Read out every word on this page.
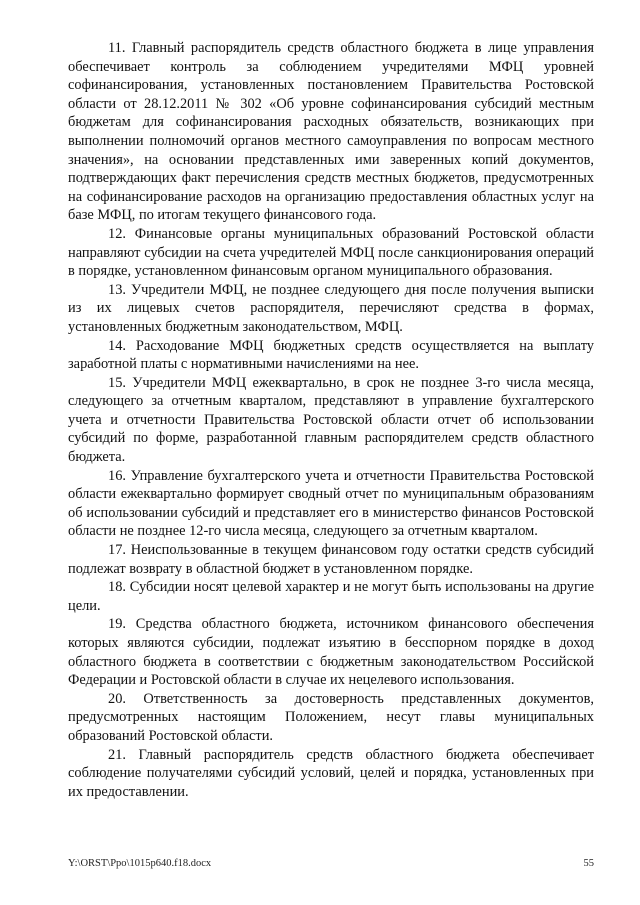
11. Главный распорядитель средств областного бюджета в лице управления обеспечивает контроль за соблюдением учредителями МФЦ уровней софинансирования, установленных постановлением Правительства Ростовской области от 28.12.2011 № 302 «Об уровне софинансирования субсидий местным бюджетам для софинансирования расходных обязательств, возникающих при выполнении полномочий органов местного самоуправления по вопросам местного значения», на основании представленных ими заверенных копий документов, подтверждающих факт перечисления средств местных бюджетов, предусмотренных на софинансирование расходов на организацию предоставления областных услуг на базе МФЦ, по итогам текущего финансового года.

12. Финансовые органы муниципальных образований Ростовской области направляют субсидии на счета учредителей МФЦ после санкционирования операций в порядке, установленном финансовым органом муниципального образования.

13. Учредители МФЦ, не позднее следующего дня после получения выписки из их лицевых счетов распорядителя, перечисляют средства в формах, установленных бюджетным законодательством, МФЦ.

14. Расходование МФЦ бюджетных средств осуществляется на выплату заработной платы с нормативными начислениями на нее.

15. Учредители МФЦ ежеквартально, в срок не позднее 3-го числа месяца, следующего за отчетным кварталом, представляют в управление бухгалтерского учета и отчетности Правительства Ростовской области отчет об использовании субсидий по форме, разработанной главным распорядителем средств областного бюджета.

16. Управление бухгалтерского учета и отчетности Правительства Ростовской области ежеквартально формирует сводный отчет по муниципальным образованиям об использовании субсидий и представляет его в министерство финансов Ростовской области не позднее 12-го числа месяца, следующего за отчетным кварталом.

17. Неиспользованные в текущем финансовом году остатки средств субсидий подлежат возврату в областной бюджет в установленном порядке.

18. Субсидии носят целевой характер и не могут быть использованы на другие цели.

19. Средства областного бюджета, источником финансового обеспечения которых являются субсидии, подлежат изъятию в бесспорном порядке в доход областного бюджета в соответствии с бюджетным законодательством Российской Федерации и Ростовской области в случае их нецелевого использования.

20. Ответственность за достоверность представленных документов, предусмотренных настоящим Положением, несут главы муниципальных образований Ростовской области.

21. Главный распорядитель средств областного бюджета обеспечивает соблюдение получателями субсидий условий, целей и порядка, установленных при их предоставлении.

Y:\ORST\Ppo\1015p640.f18.docx	55
